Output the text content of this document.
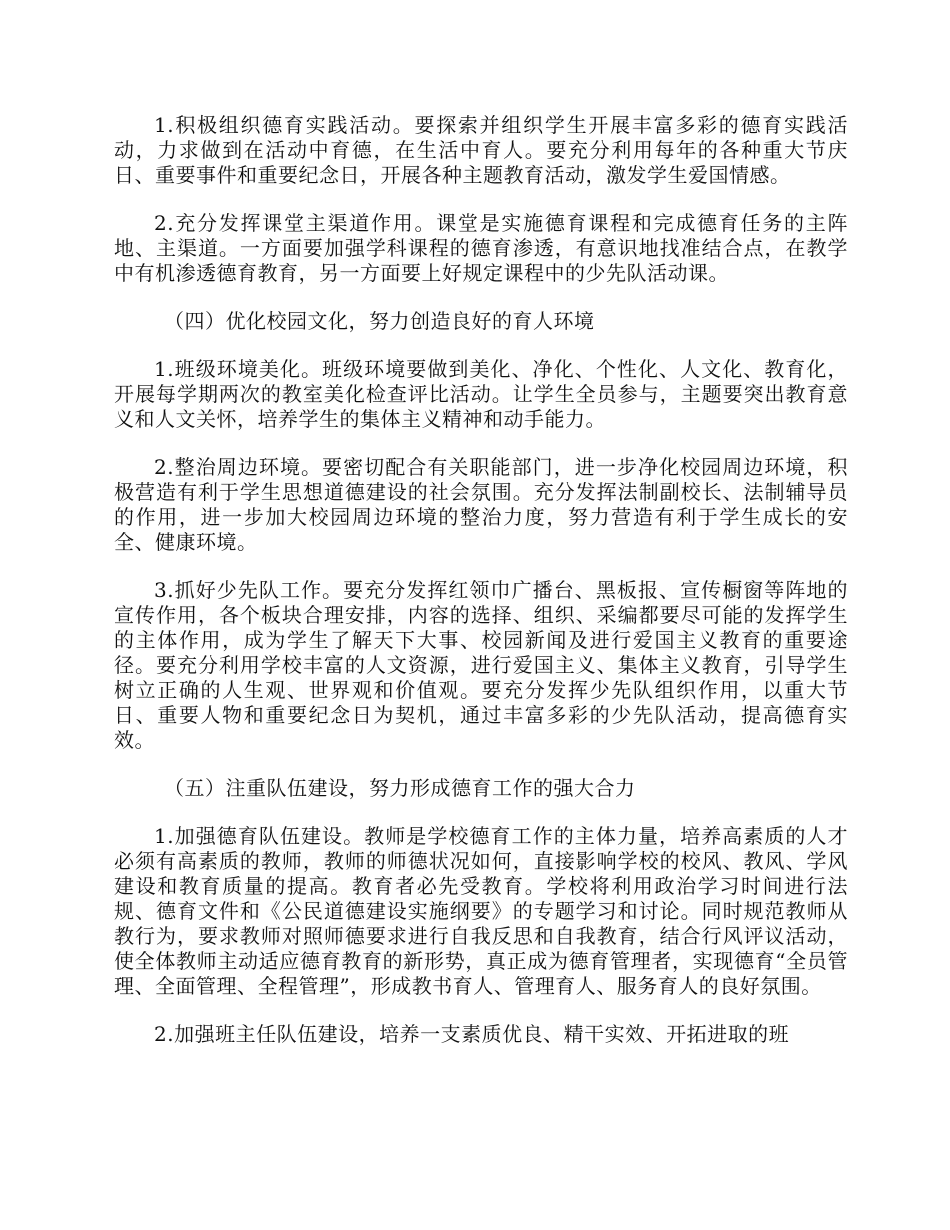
1.积极组织德育实践活动。要探索并组织学生开展丰富多彩的德育实践活动，力求做到在活动中育德，在生活中育人。要充分利用每年的各种重大节庆日、重要事件和重要纪念日，开展各种主题教育活动，激发学生爱国情感。

2.充分发挥课堂主渠道作用。课堂是实施德育课程和完成德育任务的主阵地、主渠道。一方面要加强学科课程的德育渗透，有意识地找准结合点，在教学中有机渗透德育教育，另一方面要上好规定课程中的少先队活动课。

（四）优化校园文化，努力创造良好的育人环境

1.班级环境美化。班级环境要做到美化、净化、个性化、人文化、教育化，开展每学期两次的教室美化检查评比活动。让学生全员参与，主题要突出教育意义和人文关怀，培养学生的集体主义精神和动手能力。

2.整治周边环境。要密切配合有关职能部门，进一步净化校园周边环境，积极营造有利于学生思想道德建设的社会氛围。充分发挥法制副校长、法制辅导员的作用，进一步加大校园周边环境的整治力度，努力营造有利于学生成长的安全、健康环境。

3.抓好少先队工作。要充分发挥红领巾广播台、黑板报、宣传橱窗等阵地的宣传作用，各个板块合理安排，内容的选择、组织、采编都要尽可能的发挥学生的主体作用，成为学生了解天下大事、校园新闻及进行爱国主义教育的重要途径。要充分利用学校丰富的人文资源，进行爱国主义、集体主义教育，引导学生树立正确的人生观、世界观和价值观。要充分发挥少先队组织作用，以重大节日、重要人物和重要纪念日为契机，通过丰富多彩的少先队活动，提高德育实效。

（五）注重队伍建设，努力形成德育工作的强大合力

1.加强德育队伍建设。教师是学校德育工作的主体力量，培养高素质的人才必须有高素质的教师，教师的师德状况如何，直接影响学校的校风、教风、学风建设和教育质量的提高。教育者必先受教育。学校将利用政治学习时间进行法规、德育文件和《公民道德建设实施纲要》的专题学习和讨论。同时规范教师从教行为，要求教师对照师德要求进行自我反思和自我教育，结合行风评议活动，使全体教师主动适应德育教育的新形势，真正成为德育管理者，实现德育“全员管理、全面管理、全程管理”，形成教书育人、管理育人、服务育人的良好氛围。

2.加强班主任队伍建设，培养一支素质优良、精干实效、开拓进取的班
